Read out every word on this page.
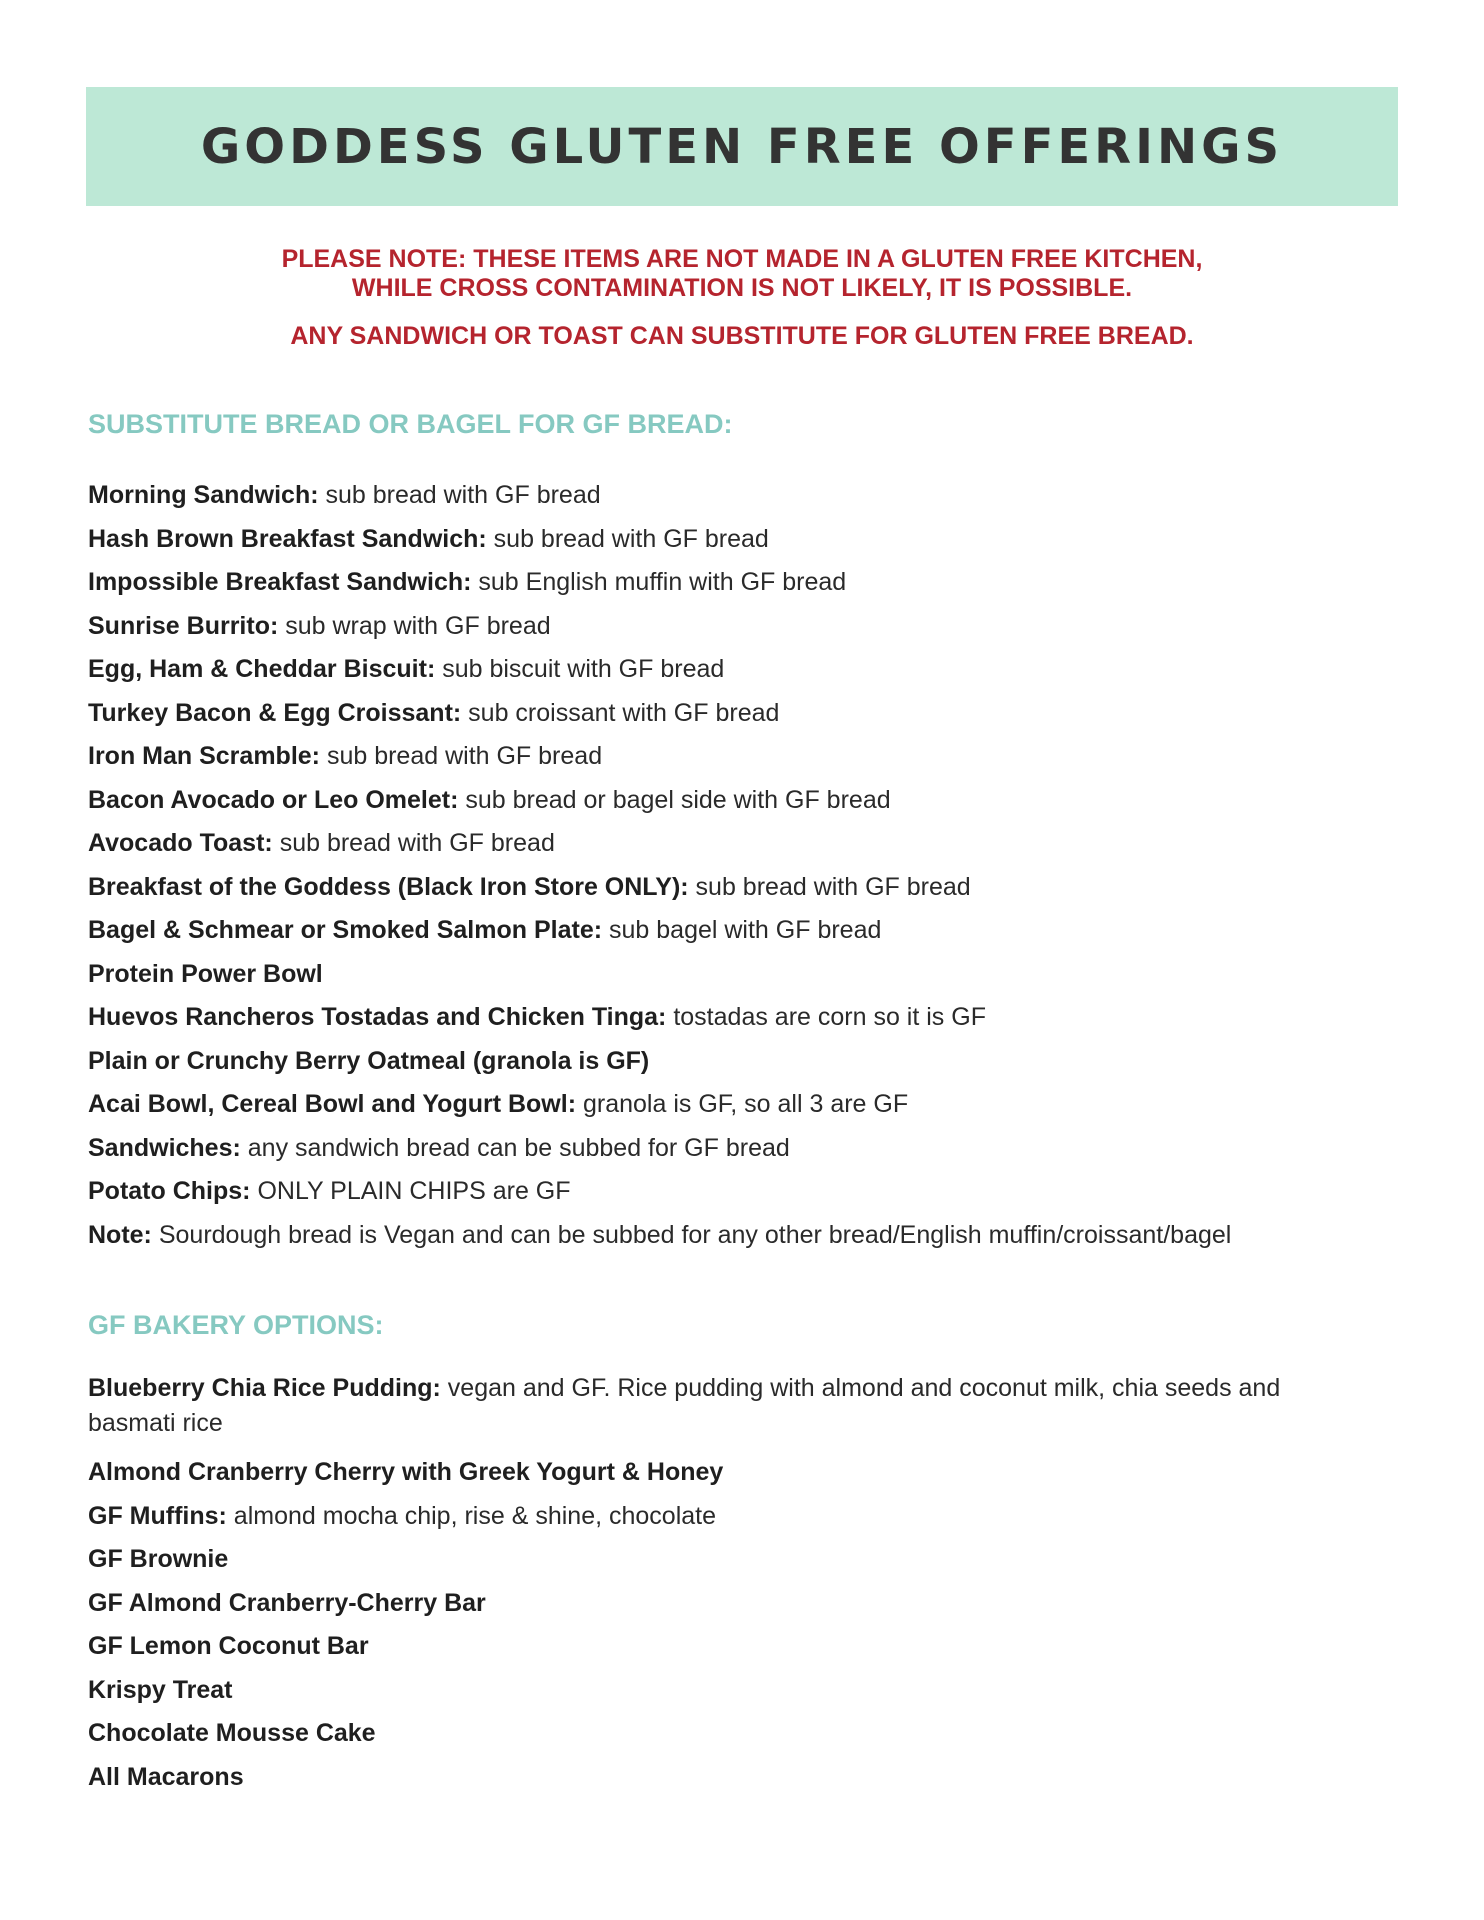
GODDESS GLUTEN FREE OFFERINGS
PLEASE NOTE: THESE ITEMS ARE NOT MADE IN A GLUTEN FREE KITCHEN,
WHILE CROSS CONTAMINATION IS NOT LIKELY, IT IS POSSIBLE.
ANY SANDWICH OR TOAST CAN SUBSTITUTE FOR GLUTEN FREE BREAD.
SUBSTITUTE BREAD OR BAGEL FOR GF BREAD:
Morning Sandwich: sub bread with GF bread
Hash Brown Breakfast Sandwich: sub bread with GF bread
Impossible Breakfast Sandwich: sub English muffin with GF bread
Sunrise Burrito: sub wrap with GF bread
Egg, Ham & Cheddar Biscuit: sub biscuit with GF bread
Turkey Bacon & Egg Croissant: sub croissant with GF bread
Iron Man Scramble: sub bread with GF bread
Bacon Avocado or Leo Omelet: sub bread or bagel side with GF bread
Avocado Toast: sub bread with GF bread
Breakfast of the Goddess (Black Iron Store ONLY): sub bread with GF bread
Bagel & Schmear or Smoked Salmon Plate: sub bagel with GF bread
Protein Power Bowl
Huevos Rancheros Tostadas and Chicken Tinga: tostadas are corn so it is GF
Plain or Crunchy Berry Oatmeal (granola is GF)
Acai Bowl, Cereal Bowl and Yogurt Bowl: granola is GF, so all 3 are GF
Sandwiches: any sandwich bread can be subbed for GF bread
Potato Chips: ONLY PLAIN CHIPS are GF
Note: Sourdough bread is Vegan and can be subbed for any other bread/English muffin/croissant/bagel
GF BAKERY OPTIONS:
Blueberry Chia Rice Pudding: vegan and GF. Rice pudding with almond and coconut milk, chia seeds and basmati rice
Almond Cranberry Cherry with Greek Yogurt & Honey
GF Muffins: almond mocha chip, rise & shine, chocolate
GF Brownie
GF Almond Cranberry-Cherry Bar
GF Lemon Coconut Bar
Krispy Treat
Chocolate Mousse Cake
All Macarons
